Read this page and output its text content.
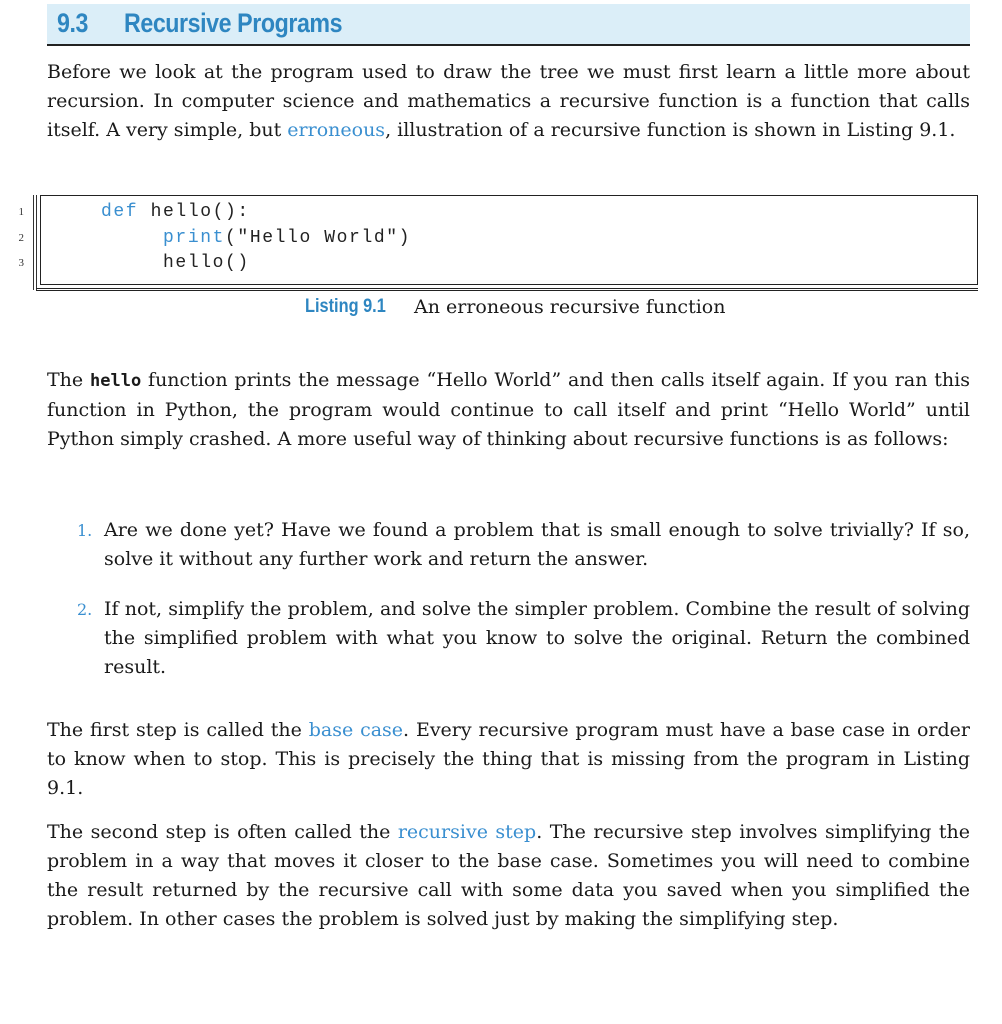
9.3 Recursive Programs

Before we look at the program used to draw the tree we must first learn a little more about recursion. In computer science and mathematics a recursive function is a function that calls itself. A very simple, but erroneous, illustration of a recursive function is shown in Listing 9.1.

1
2
3
def hello():
print("Hello World")
hello()
Listing 9.1 An erroneous recursive function

The hello function prints the message “Hello World” and then calls itself again. If you ran this function in Python, the program would continue to call itself and print “Hello World” until Python simply crashed. A more useful way of thinking about recursive functions is as follows:

1. Are we done yet? Have we found a problem that is small enough to solve trivially? If so, solve it without any further work and return the answer.

2. If not, simplify the problem, and solve the simpler problem. Combine the result of solving the simplified problem with what you know to solve the original. Return the combined result.

The first step is called the base case. Every recursive program must have a base case in order to know when to stop. This is precisely the thing that is missing from the program in Listing 9.1.

The second step is often called the recursive step. The recursive step involves simplifying the problem in a way that moves it closer to the base case. Sometimes you will need to combine the result returned by the recursive call with some data you saved when you simplified the problem. In other cases the problem is solved just by making the simplifying step.
